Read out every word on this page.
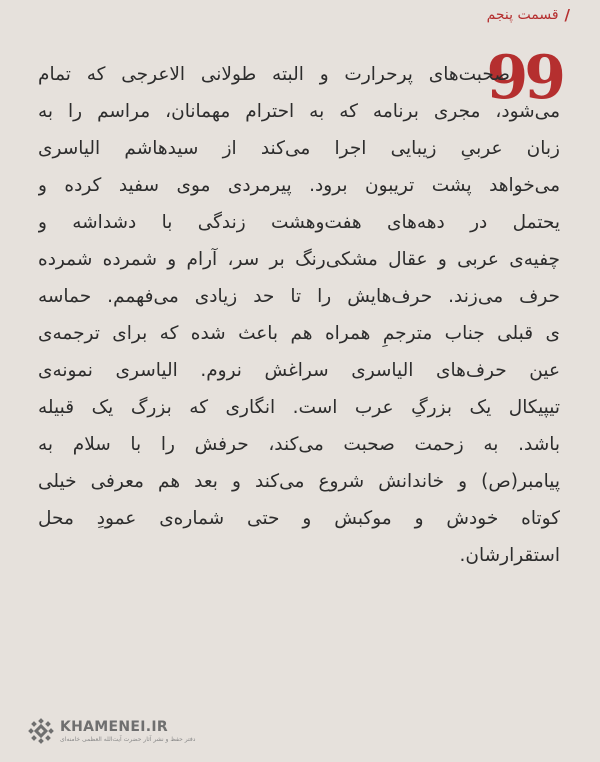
/
قسمت پنجم
99

صحبت‌های پرحرارت و البته طولانی الاعرجی که تمام
می‌شود، مجری برنامه که به احترام مهمانان، مراسم را به
زبان عربیِ زیبایی اجرا می‌کند از سیدهاشم الیاسری
می‌خواهد پشت تریبون برود. پیرمردی موی سفید کرده و
یحتمل در دهه‌های هفت‌وهشت زندگی با دشداشه و
چفیه‌ی عربی و عقال مشکی‌رنگ بر سر، آرام و شمرده شمرده
حرف می‌زند. حرف‌هایش را تا حد زیادی می‌فهمم. حماسه
ی قبلی جناب مترجمِ همراه هم باعث شده که برای ترجمه‌ی
عین حرف‌های الیاسری سراغش نروم. الیاسری نمونه‌ی
تیپیکال یک بزرگِ عرب است. انگاری که بزرگ یک قبیله
باشد. به زحمت صحبت می‌کند، حرفش را با سلام به
پیامبر(ص) و خاندانش شروع می‌کند و بعد هم معرفی خیلی
کوتاه خودش و موکبش و حتی شماره‌ی عمودِ محل
استقرارشان.

KHAMENEI.IR
دفتر حفظ و نشر آثار حضرت آیت‌الله العظمی خامنه‌ای
